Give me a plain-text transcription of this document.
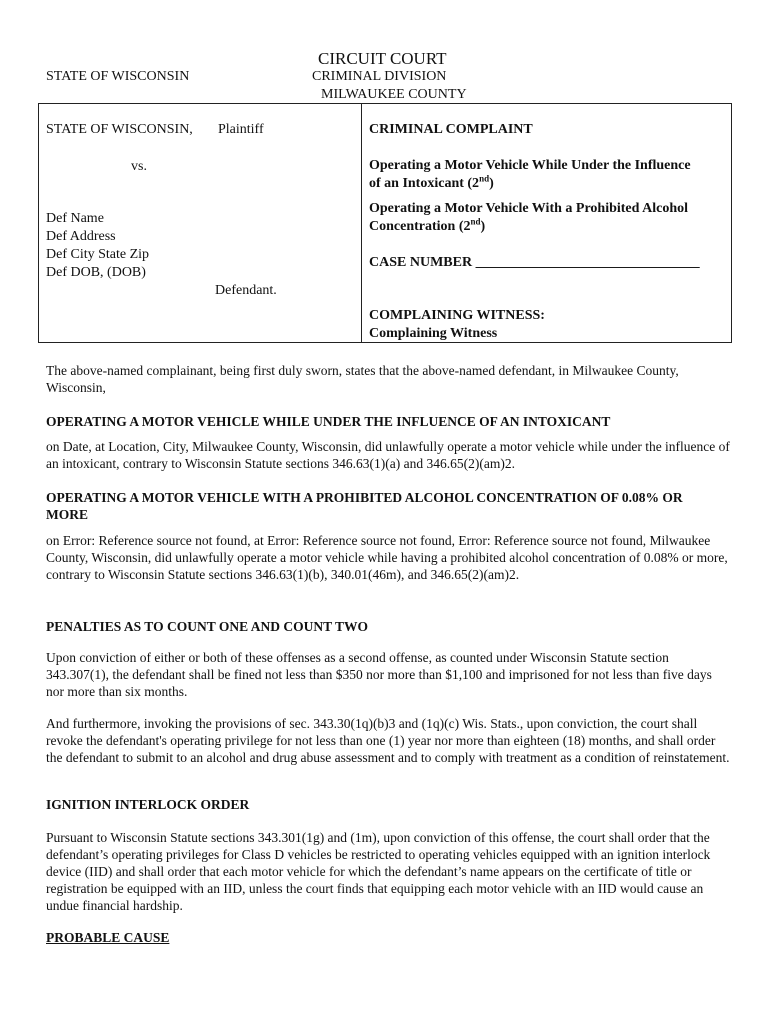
CIRCUIT COURT
STATE OF WISCONSIN	CRIMINAL DIVISION
MILWAUKEE COUNTY
STATE OF WISCONSIN, Plaintiff
vs.
Def Name
Def Address
Def City State Zip
Def DOB, (DOB)
Defendant.
CRIMINAL COMPLAINT
Operating a Motor Vehicle While Under the Influence
of an Intoxicant (2nd)
Operating a Motor Vehicle With a Prohibited Alcohol
Concentration (2nd)
CASE NUMBER ________________________________
COMPLAINING WITNESS:
Complaining Witness
The above-named complainant, being first duly sworn, states that the above-named defendant, in Milwaukee County, Wisconsin,
OPERATING A MOTOR VEHICLE WHILE UNDER THE INFLUENCE OF AN INTOXICANT
on Date, at Location, City, Milwaukee County, Wisconsin, did unlawfully operate a motor vehicle while under the influence of an intoxicant, contrary to Wisconsin Statute sections 346.63(1)(a) and 346.65(2)(am)2.
OPERATING A MOTOR VEHICLE WITH A PROHIBITED ALCOHOL CONCENTRATION OF 0.08% OR MORE
on Error: Reference source not found, at Error: Reference source not found, Error: Reference source not found, Milwaukee County, Wisconsin, did unlawfully operate a motor vehicle while having a prohibited alcohol concentration of 0.08% or more, contrary to Wisconsin Statute sections 346.63(1)(b), 340.01(46m), and 346.65(2)(am)2.
PENALTIES AS TO COUNT ONE AND COUNT TWO
Upon conviction of either or both of these offenses as a second offense, as counted under Wisconsin Statute section 343.307(1), the defendant shall be fined not less than $350 nor more than $1,100 and imprisoned for not less than five days nor more than six months.
And furthermore, invoking the provisions of sec. 343.30(1q)(b)3 and (1q)(c) Wis. Stats., upon conviction, the court shall revoke the defendant's operating privilege for not less than one (1) year nor more than eighteen (18) months, and shall order the defendant to submit to an alcohol and drug abuse assessment and to comply with treatment as a condition of reinstatement.
IGNITION INTERLOCK ORDER
Pursuant to Wisconsin Statute sections 343.301(1g) and (1m), upon conviction of this offense, the court shall order that the defendant’s operating privileges for Class D vehicles be restricted to operating vehicles equipped with an ignition interlock device (IID) and shall order that each motor vehicle for which the defendant’s name appears on the certificate of title or registration be equipped with an IID, unless the court finds that equipping each motor vehicle with an IID would cause an undue financial hardship.
PROBABLE CAUSE
